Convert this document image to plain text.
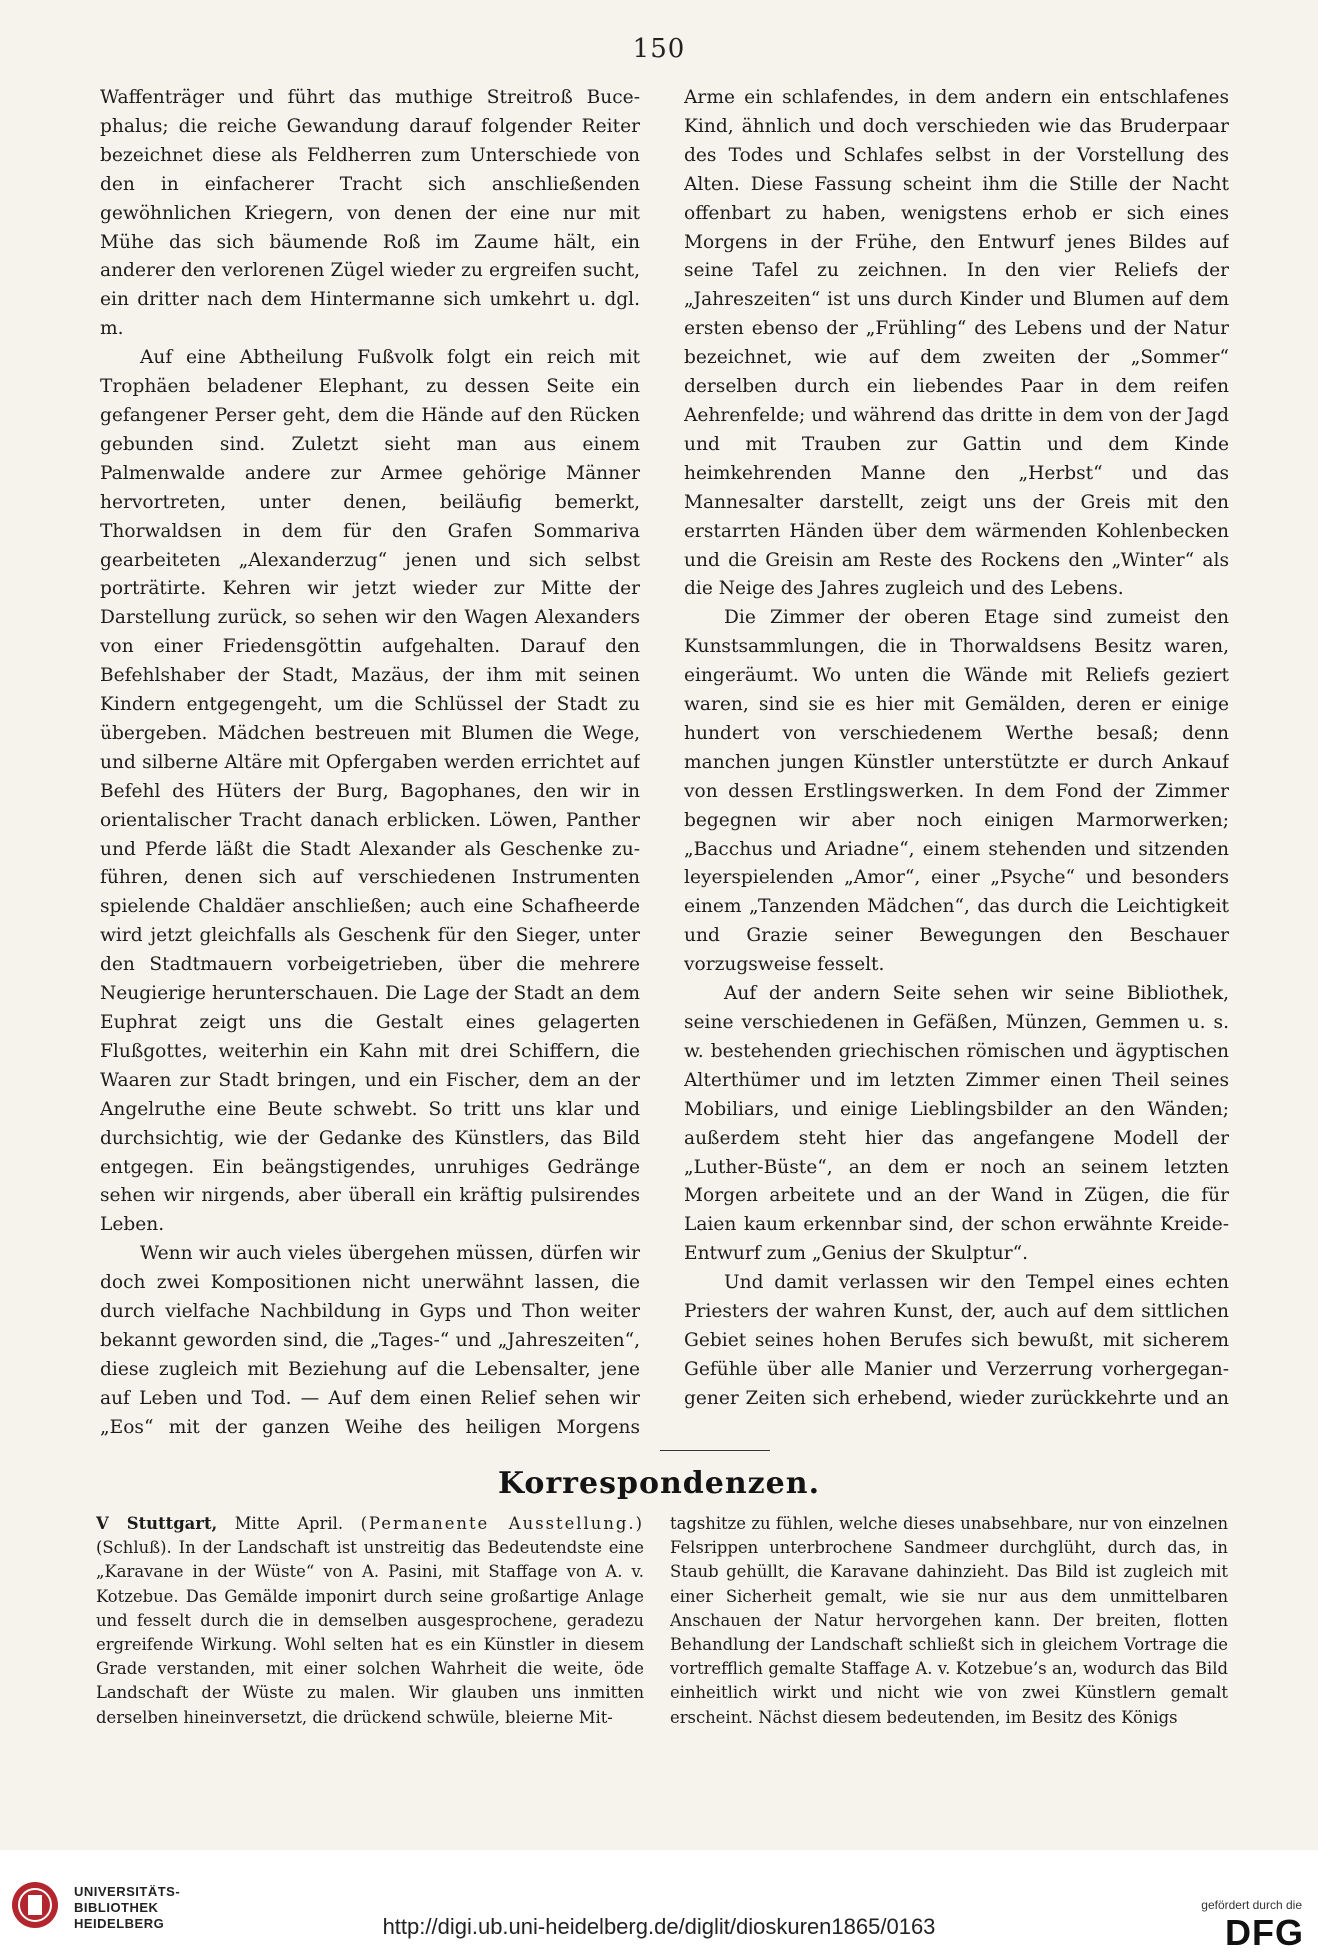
150

Waffenträger und führt das muthige Streitroß Bucephalus; die reiche Gewandung darauf folgender Reiter bezeichnet diese als Feldherren zum Unterschiede von den in einfacherer Tracht sich anschließenden gewöhnlichen Kriegern, von denen der eine nur mit Mühe das sich bäumende Roß im Zaume hält, ein anderer den verlorenen Zügel wieder zu ergreifen sucht, ein dritter nach dem Hintermanne sich umkehrt u. dgl. m.

Auf eine Abtheilung Fußvolk folgt ein reich mit Trophäen beladener Elephant, zu dessen Seite ein gefangener Perser geht, dem die Hände auf den Rücken gebunden sind. Zuletzt sieht man aus einem Palmenwalde andere zur Armee gehörige Männer hervortreten, unter denen, beiläufig bemerkt, Thorwaldsen in dem für den Grafen Sommariva gearbeiteten „Alexanderzug“ jenen und sich selbst porträtirte. Kehren wir jetzt wieder zur Mitte der Darstellung zurück, so sehen wir den Wagen Alexanders von einer Friedensgöttin aufgehalten. Darauf den Befehlshaber der Stadt, Mazäus, der ihm mit seinen Kindern entgegengeht, um die Schlüssel der Stadt zu übergeben. Mädchen bestreuen mit Blumen die Wege, und silberne Altäre mit Opfergaben werden errichtet auf Befehl des Hüters der Burg, Bagophanes, den wir in orientalischer Tracht danach erblicken. Löwen, Panther und Pferde läßt die Stadt Alexander als Geschenke zuführen, denen sich auf verschiedenen Instrumenten spielende Chaldäer anschließen; auch eine Schafheerde wird jetzt gleichfalls als Geschenk für den Sieger, unter den Stadtmauern vorbeigetrieben, über die mehrere Neugierige herunterschauen. Die Lage der Stadt an dem Euphrat zeigt uns die Gestalt eines gelagerten Flußgottes, weiterhin ein Kahn mit drei Schiffern, die Waaren zur Stadt bringen, und ein Fischer, dem an der Angelruthe eine Beute schwebt. So tritt uns klar und durchsichtig, wie der Gedanke des Künstlers, das Bild entgegen. Ein beängstigendes, unruhiges Gedränge sehen wir nirgends, aber überall ein kräftig pulsirendes Leben.

Wenn wir auch vieles übergehen müssen, dürfen wir doch zwei Kompositionen nicht unerwähnt lassen, die durch vielfache Nachbildung in Gyps und Thon weiter bekannt geworden sind, die „Tages-“ und „Jahreszeiten“, diese zugleich mit Beziehung auf die Lebensalter, jene auf Leben und Tod. — Auf dem einen Relief sehen wir „Eos“ mit der ganzen Weihe des heiligen Morgens

Arme ein schlafendes, in dem andern ein entschlafenes Kind, ähnlich und doch verschieden wie das Bruderpaar des Todes und Schlafes selbst in der Vorstellung des Alten. Diese Fassung scheint ihm die Stille der Nacht offenbart zu haben, wenigstens erhob er sich eines Morgens in der Frühe, den Entwurf jenes Bildes auf seine Tafel zu zeichnen. In den vier Reliefs der „Jahreszeiten“ ist uns durch Kinder und Blumen auf dem ersten ebenso der „Frühling“ des Lebens und der Natur bezeichnet, wie auf dem zweiten der „Sommer“ derselben durch ein liebendes Paar in dem reifen Aehrenfelde; und während das dritte in dem von der Jagd und mit Trauben zur Gattin und dem Kinde heimkehrenden Manne den „Herbst“ und das Mannesalter darstellt, zeigt uns der Greis mit den erstarrten Händen über dem wärmenden Kohlenbecken und die Greisin am Reste des Rockens den „Winter“ als die Neige des Jahres zugleich und des Lebens.

Die Zimmer der oberen Etage sind zumeist den Kunstsammlungen, die in Thorwaldsens Besitz waren, eingeräumt. Wo unten die Wände mit Reliefs geziert waren, sind sie es hier mit Gemälden, deren er einige hundert von verschiedenem Werthe besaß; denn manchen jungen Künstler unterstützte er durch Ankauf von dessen Erstlingswerken. In dem Fond der Zimmer begegnen wir aber noch einigen Marmorwerken; „Bacchus und Ariadne“, einem stehenden und sitzenden leyerspielenden „Amor“, einer „Psyche“ und besonders einem „Tanzenden Mädchen“, das durch die Leichtigkeit und Grazie seiner Bewegungen den Beschauer vorzugsweise fesselt.

Auf der andern Seite sehen wir seine Bibliothek, seine verschiedenen in Gefäßen, Münzen, Gemmen u. s. w. bestehenden griechischen römischen und ägyptischen Alterthümer und im letzten Zimmer einen Theil seines Mobiliars, und einige Lieblingsbilder an den Wänden; außerdem steht hier das angefangene Modell der „Luther-Büste“, an dem er noch an seinem letzten Morgen arbeitete und an der Wand in Zügen, die für Laien kaum erkennbar sind, der schon erwähnte Kreide-Entwurf zum „Genius der Skulptur“.

Und damit verlassen wir den Tempel eines echten Priesters der wahren Kunst, der, auch auf dem sittlichen Gebiet seines hohen Berufes sich bewußt, mit sicherem Gefühle über alle Manier und Verzerrung vorhergegangener Zeiten sich erhebend, wieder zurückkehrte und an

Korrespondenzen.

V Stuttgart, Mitte April. (Permanente Ausstellung.) (Schluß). In der Landschaft ist unstreitig das Bedeutendste eine „Karavane in der Wüste“ von A. Pasini, mit Staffage von A. v. Kotzebue. Das Gemälde imponirt durch seine großartige Anlage und fesselt durch die in demselben ausgesprochene, geradezu ergreifende Wirkung. Wohl selten hat es ein Künstler in diesem Grade verstanden, mit einer solchen Wahrheit die weite, öde Landschaft der Wüste zu malen. Wir glauben uns inmitten derselben hineinversetzt, die drückend schwüle, bleierne Mit-

tagshitze zu fühlen, welche dieses unabsehbare, nur von einzelnen Felsrippen unterbrochene Sandmeer durchglüht, durch das, in Staub gehüllt, die Karavane dahinzieht. Das Bild ist zugleich mit einer Sicherheit gemalt, wie sie nur aus dem unmittelbaren Anschauen der Natur hervorgehen kann. Der breiten, flotten Behandlung der Landschaft schließt sich in gleichem Vortrage die vortrefflich gemalte Staffage A. v. Kotzebue’s an, wodurch das Bild einheitlich wirkt und nicht wie von zwei Künstlern gemalt erscheint. Nächst diesem bedeutenden, im Besitz des Königs

UNIVERSITÄTS-
BIBLIOTHEK
HEIDELBERG	http://digi.ub.uni-heidelberg.de/diglit/dioskuren1865/0163
gefördert durch die
DFG
